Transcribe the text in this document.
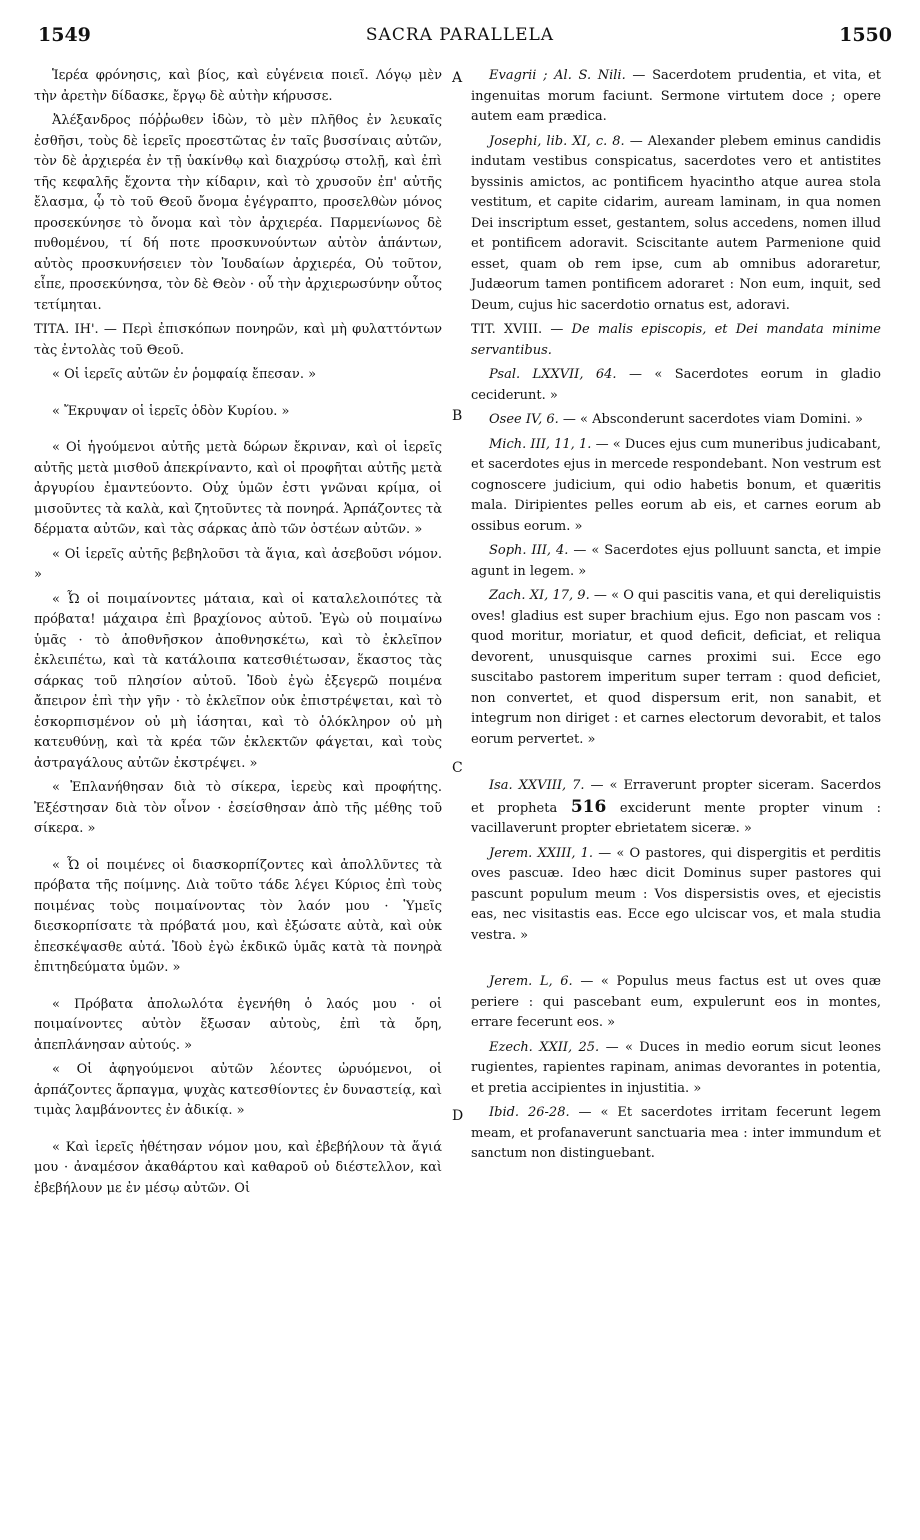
1549	SACRA PARALLELA	1550
A
B
C
D

Ἱερέα φρόνησις, καὶ βίος, καὶ εὐγένεια ποιεῖ. Λόγῳ μὲν τὴν ἀρετὴν δίδασκε, ἔργῳ δὲ αὐτὴν κήρυσσε.

Ἀλέξανδρος πόῤῥωθεν ἰδὼν, τὸ μὲν πλῆθος ἐν λευκαῖς ἐσθῆσι, τοὺς δὲ ἱερεῖς προεστῶτας ἐν ταῖς βυσσίναις αὐτῶν, τὸν δὲ ἀρχιερέα ἐν τῇ ὑακίνθῳ καὶ διαχρύσῳ στολῇ, καὶ ἐπὶ τῆς κεφαλῆς ἔχοντα τὴν κίδαριν, καὶ τὸ χρυσοῦν ἐπ' αὐτῆς ἔλασμα, ᾧ τὸ τοῦ Θεοῦ ὄνομα ἐγέγραπτο, προσελθὼν μόνος προσεκύνησε τὸ ὄνομα καὶ τὸν ἀρχιερέα. Παρμενίωνος δὲ πυθομένου, τί δή ποτε προσκυνούντων αὐτὸν ἁπάντων, αὐτὸς προσκυνήσειεν τὸν Ἰουδαίων ἀρχιερέα, Οὐ τοῦτον, εἶπε, προσεκύνησα, τὸν δὲ Θεὸν · οὗ τὴν ἀρχιερωσύνην οὗτος τετίμηται.

TITA. IH'. — Περὶ ἐπισκόπων πονηρῶν, καὶ μὴ φυλαττόντων τὰς ἐντολὰς τοῦ Θεοῦ.

« Οἱ ἱερεῖς αὐτῶν ἐν ῥομφαίᾳ ἔπεσαν. »

« Ἔκρυψαν οἱ ἱερεῖς ὁδὸν Κυρίου. »

« Οἱ ἡγούμενοι αὐτῆς μετὰ δώρων ἔκριναν, καὶ οἱ ἱερεῖς αὐτῆς μετὰ μισθοῦ ἀπεκρίναντο, καὶ οἱ προφῆται αὐτῆς μετὰ ἀργυρίου ἐμαντεύοντο. Οὐχ ὑμῶν ἐστι γνῶναι κρίμα, οἱ μισοῦντες τὰ καλὰ, καὶ ζητοῦντες τὰ πονηρά. Ἁρπάζοντες τὰ δέρματα αὐτῶν, καὶ τὰς σάρκας ἀπὸ τῶν ὀστέων αὐτῶν. »

« Οἱ ἱερεῖς αὐτῆς βεβηλοῦσι τὰ ἅγια, καὶ ἀσεβοῦσι νόμον. »

« Ὦ οἱ ποιμαίνοντες μάταια, καὶ οἱ καταλελοιπότες τὰ πρόβατα! μάχαιρα ἐπὶ βραχίονος αὐτοῦ. Ἐγὼ οὐ ποιμαίνω ὑμᾶς · τὸ ἀποθνῆσκον ἀποθνησκέτω, καὶ τὸ ἐκλεῖπον ἐκλειπέτω, καὶ τὰ κατάλοιπα κατεσθιέτωσαν, ἕκαστος τὰς σάρκας τοῦ πλησίον αὐτοῦ. Ἰδοὺ ἐγὼ ἐξεγερῶ ποιμένα ἄπειρον ἐπὶ τὴν γῆν · τὸ ἐκλεῖπον οὐκ ἐπιστρέψεται, καὶ τὸ ἐσκορπισμένον οὐ μὴ ἰάσηται, καὶ τὸ ὁλόκληρον οὐ μὴ κατευθύνῃ, καὶ τὰ κρέα τῶν ἐκλεκτῶν φάγεται, καὶ τοὺς ἀστραγάλους αὐτῶν ἐκστρέψει. »

« Ἐπλανήθησαν διὰ τὸ σίκερα, ἱερεὺς καὶ προφήτης. Ἐξέστησαν διὰ τὸν οἶνον · ἐσείσθησαν ἀπὸ τῆς μέθης τοῦ σίκερα. »

« Ὦ οἱ ποιμένες οἱ διασκορπίζοντες καὶ ἀπολλῦντες τὰ πρόβατα τῆς ποίμνης. Διὰ τοῦτο τάδε λέγει Κύριος ἐπὶ τοὺς ποιμένας τοὺς ποιμαίνοντας τὸν λαόν μου · Ὑμεῖς διεσκορπίσατε τὰ πρόβατά μου, καὶ ἐξώσατε αὐτὰ, καὶ οὐκ ἐπεσκέψασθε αὐτά. Ἰδοὺ ἐγὼ ἐκδικῶ ὑμᾶς κατὰ τὰ πονηρὰ ἐπιτηδεύματα ὑμῶν. »

« Πρόβατα ἀπολωλότα ἐγενήθη ὁ λαός μου · οἱ ποιμαίνοντες αὐτὸν ἔξωσαν αὐτοὺς, ἐπὶ τὰ ὄρη, ἀπεπλάνησαν αὐτούς. »

« Οἱ ἀφηγούμενοι αὐτῶν λέοντες ὠρυόμενοι, οἱ ἁρπάζοντες ἅρπαγμα, ψυχὰς κατεσθίοντες ἐν δυναστείᾳ, καὶ τιμὰς λαμβάνοντες ἐν ἀδικίᾳ. »

« Καὶ ἱερεῖς ἠθέτησαν νόμον μου, καὶ ἐβεβήλουν τὰ ἅγιά μου · ἀναμέσον ἀκαθάρτου καὶ καθαροῦ οὐ διέστελλον, καὶ ἐβεβήλουν με ἐν μέσῳ αὐτῶν. Οἱ

Evagrii ; Al. S. Nili. — Sacerdotem prudentia, et vita, et ingenuitas morum faciunt. Sermone virtutem doce ; opere autem eam prædica.

Josephi, lib. XI, c. 8. — Alexander plebem eminus candidis indutam vestibus conspicatus, sacerdotes vero et antistites byssinis amictos, ac pontificem hyacintho atque aurea stola vestitum, et capite cidarim, auream laminam, in qua nomen Dei inscriptum esset, gestantem, solus accedens, nomen illud et pontificem adoravit. Sciscitante autem Parmenione quid esset, quam ob rem ipse, cum ab omnibus adoraretur, Judæorum tamen pontificem adoraret : Non eum, inquit, sed Deum, cujus hic sacerdotio ornatus est, adoravi.

TIT. XVIII. — De malis episcopis, et Dei mandata minime servantibus.

Psal. LXXVII, 64. — « Sacerdotes eorum in gladio ceciderunt. »

Osee IV, 6. — « Absconderunt sacerdotes viam Domini. »

Mich. III, 11, 1. — « Duces ejus cum muneribus judicabant, et sacerdotes ejus in mercede respondebant. Non vestrum est cognoscere judicium, qui odio habetis bonum, et quæritis mala. Diripientes pelles eorum ab eis, et carnes eorum ab ossibus eorum. »

Soph. III, 4. — « Sacerdotes ejus polluunt sancta, et impie agunt in legem. »

Zach. XI, 17, 9. — « O qui pascitis vana, et qui dereliquistis oves! gladius est super brachium ejus. Ego non pascam vos : quod moritur, moriatur, et quod deficit, deficiat, et reliqua devorent, unusquisque carnes proximi sui. Ecce ego suscitabo pastorem imperitum super terram : quod deficiet, non convertet, et quod dispersum erit, non sanabit, et integrum non diriget : et carnes electorum devorabit, et talos eorum pervertet. »

Isa. XXVIII, 7. — « Erraverunt propter siceram. Sacerdos et propheta 516 exciderunt mente propter vinum : vacillaverunt propter ebrietatem siceræ. »

Jerem. XXIII, 1. — « O pastores, qui dispergitis et perditis oves pascuæ. Ideo hæc dicit Dominus super pastores qui pascunt populum meum : Vos dispersistis oves, et ejecistis eas, nec visitastis eas. Ecce ego ulciscar vos, et mala studia vestra. »

Jerem. L, 6. — « Populus meus factus est ut oves quæ periere : qui pascebant eum, expulerunt eos in montes, errare fecerunt eos. »

Ezech. XXII, 25. — « Duces in medio eorum sicut leones rugientes, rapientes rapinam, animas devorantes in potentia, et pretia accipientes in injustitia. »

Ibid. 26-28. — « Et sacerdotes irritam fecerunt legem meam, et profanaverunt sanctuaria mea : inter immundum et sanctum non distinguebant.
